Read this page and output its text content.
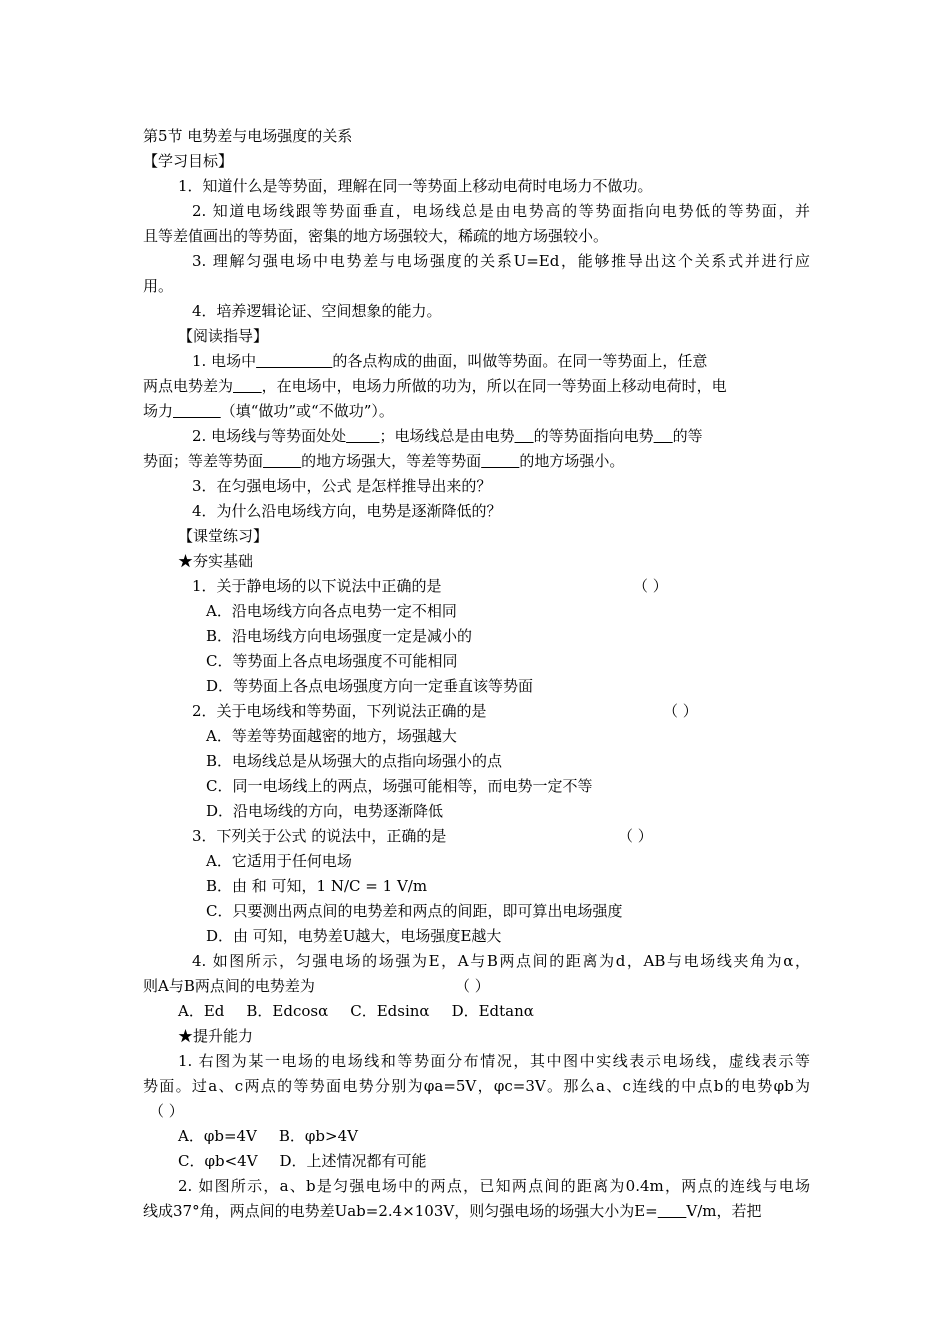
第5节 电势差与电场强度的关系
【学习目标】
1．知道什么是等势面，理解在同一等势面上移动电荷时电场力不做功。
2. 知道电场线跟等势面垂直，电场线总是由电势高的等势面指向电势低的等势面，并
且等差值画出的等势面，密集的地方场强较大，稀疏的地方场强较小。
3. 理解匀强电场中电势差与电场强度的关系U=Ed，能够推导出这个关系式并进行应
用。
4．培养逻辑论证、空间想象的能力。
【阅读指导】
1. 电场中	的各点构成的曲面，叫做等势面。在同一等势面上，任意
两点电势差为 ，在电场中，电场力所做的功为，所以在同一等势面上移动电荷时，电
场力	（填“做功”或“不做功”）。
2. 电场线与等势面处处 ；电场线总是由电势 的等势面指向电势 的等
势面；等差等势面	的地方场强大，等差等势面	的地方场强小。
3．在匀强电场中，公式 是怎样推导出来的？
4．为什么沿电场线方向，电势是逐渐降低的？
【课堂练习】
★夯实基础
1．关于静电场的以下说法中正确的是	（ ）
A．沿电场线方向各点电势一定不相同
B．沿电场线方向电场强度一定是减小的
C．等势面上各点电场强度不可能相同
D．等势面上各点电场强度方向一定垂直该等势面
2．关于电场线和等势面，下列说法正确的是	（ ）
A．等差等势面越密的地方，场强越大
B．电场线总是从场强大的点指向场强小的点
C．同一电场线上的两点，场强可能相等，而电势一定不等
D．沿电场线的方向，电势逐渐降低
3．下列关于公式 的说法中，正确的是	（ ）
A．它适用于任何电场
B．由 和 可知，1 N/C = 1 V/m
C．只要测出两点间的电势差和两点的间距，即可算出电场强度
D．由 可知，电势差U越大，电场强度E越大
4. 如图所示，匀强电场的场强为E，A与B两点间的距离为d，AB与电场线夹角为α，
则A与B两点间的电势差为	（ ）
A．Ed B．Edcosα C．Edsinα D．Edtanα
★提升能力
1. 右图为某一电场的电场线和等势面分布情况，其中图中实线表示电场线，虚线表示等
势面。过a、c两点的等势面电势分别为φa=5V，φc=3V。那么a、c连线的中点b的电势φb为
（ ）
A．φb=4V B．φb>4V
C．φb<4V D．上述情况都有可能
2. 如图所示，a、b是匀强电场中的两点，已知两点间的距离为0.4m，两点的连线与电场
线成37°角，两点间的电势差Uab=2.4×103V，则匀强电场的场强大小为E= V/m，若把
